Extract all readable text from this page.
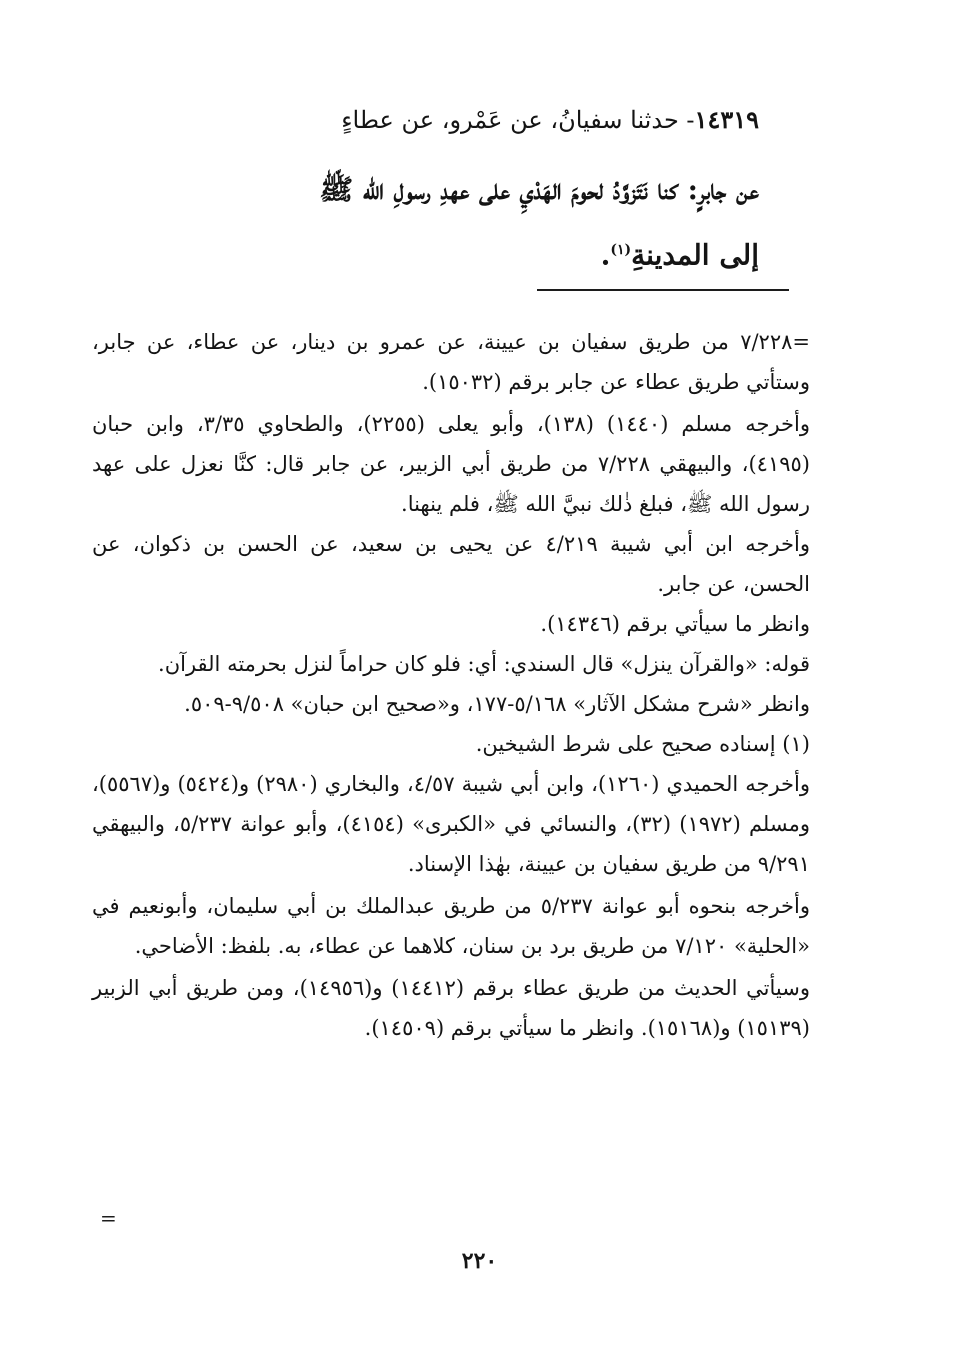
١٤٣١٩- حدثنا سفيانُ، عن عَمْرو، عن عطاءٍ
عن جابرٍ: كنا نَتَزوَّدُ لحومَ الهَدْيِ على عهدِ رسولِ الله ﷺ
إلى المدينةِ$^{(١)}$.

=٧/٢٢٨ من طريق سفيان بن عيينة، عن عمرو بن دينار، عن عطاء، عن جابر، وستأتي طريق عطاء عن جابر برقم (١٥٠٣٢).

وأخرجه مسلم (١٤٤٠) (١٣٨)، وأبو يعلى (٢٢٥٥)، والطحاوي ٣/٣٥، وابن حبان (٤١٩٥)، والبيهقي ٧/٢٢٨ من طريق أبي الزبير، عن جابر قال: كنَّا نعزل على عهد رسول الله ﷺ، فبلغ ذٰلك نبيَّ الله ﷺ، فلم ينهنا.

وأخرجه ابن أبي شيبة ٤/٢١٩ عن يحيى بن سعيد، عن الحسن بن ذكوان، عن الحسن، عن جابر.

وانظر ما سيأتي برقم (١٤٣٤٦).

قوله: «والقرآن ينزل» قال السندي: أي: فلو كان حراماً لنزل بحرمته القرآن.

وانظر «شرح مشكل الآثار» ٥/١٦٨-١٧٧، و«صحيح ابن حبان» ٩/٥٠٨-٥٠٩.

(١) إسناده صحيح على شرط الشيخين.

وأخرجه الحميدي (١٢٦٠)، وابن أبي شيبة ٤/٥٧، والبخاري (٢٩٨٠) و(٥٤٢٤) و(٥٥٦٧)، ومسلم (١٩٧٢) (٣٢)، والنسائي في «الكبرى» (٤١٥٤)، وأبو عوانة ٥/٢٣٧، والبيهقي ٩/٢٩١ من طريق سفيان بن عيينة، بهٰذا الإسناد.

وأخرجه بنحوه أبو عوانة ٥/٢٣٧ من طريق عبدالملك بن أبي سليمان، وأبونعيم في «الحلية» ٧/١٢٠ من طريق برد بن سنان، كلاهما عن عطاء، به. بلفظ: الأضاحي.

وسيأتي الحديث من طريق عطاء برقم (١٤٤١٢) و(١٤٩٥٦)، ومن طريق أبي الزبير (١٥١٣٩) و(١٥١٦٨). وانظر ما سيأتي برقم (١٤٥٠٩).

=
٢٢٠
